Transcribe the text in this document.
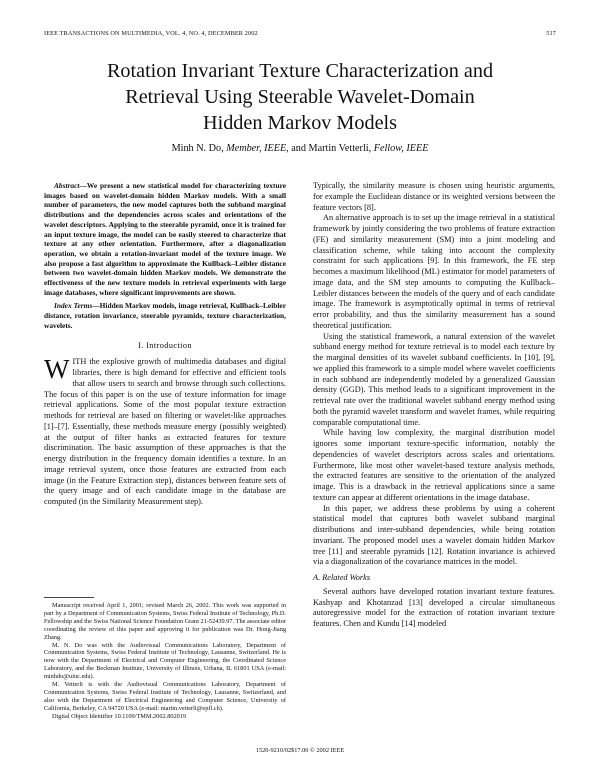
IEEE TRANSACTIONS ON MULTIMEDIA, VOL. 4, NO. 4, DECEMBER 2002	517
Rotation Invariant Texture Characterization and
Retrieval Using Steerable Wavelet-Domain
Hidden Markov Models
Minh N. Do, Member, IEEE, and Martin Vetterli, Fellow, IEEE

Abstract—We present a new statistical model for characterizing texture images based on wavelet-domain hidden Markov models. With a small number of parameters, the new model captures both the subband marginal distributions and the dependencies across scales and orientations of the wavelet descriptors. Applying to the steerable pyramid, once it is trained for an input texture image, the model can be easily steered to characterize that texture at any other orientation. Furthermore, after a diagonalization operation, we obtain a rotation-invariant model of the texture image. We also propose a fast algorithm to approximate the Kullback–Leibler distance between two wavelet-domain hidden Markov models. We demonstrate the effectiveness of the new texture models in retrieval experiments with large image databases, where significant improvements are shown.

Index Terms—Hidden Markov models, image retrieval, Kullback–Leibler distance, rotation invariance, steerable pyramids, texture characterization, wavelets.

I. Introduction

WITH the explosive growth of multimedia databases and digital libraries, there is high demand for effective and efficient tools that allow users to search and browse through such collections. The focus of this paper is on the use of texture information for image retrieval applications. Some of the most popular texture extraction methods for retrieval are based on filtering or wavelet-like approaches [1]–[7]. Essentially, these methods measure energy (possibly weighted) at the output of filter banks as extracted features for texture discrimination. The basic assumption of these approaches is that the energy distribution in the frequency domain identifies a texture. In an image retrieval system, once those features are extracted from each image (in the Feature Extraction step), distances between feature sets of the query image and of each candidate image in the database are computed (in the Similarity Measurement step).

Manuscript received April 1, 2001; revised March 26, 2002. This work was supported in part by a Department of Communication Systems, Swiss Federal Institute of Technology, Ph.D. Fellowship and the Swiss National Science Foundation Grant 21-52439.97. The associate editor coordinating the review of this paper and approving it for publication was Dr. Hong-Jiang Zhang.

M. N. Do was with the Audiovisual Communications Laboratory, Department of Communication Systems, Swiss Federal Institute of Technology, Lausanne, Switzerland. He is now with the Department of Electrical and Computer Engineering, the Coordinated Science Laboratory, and the Beckman Institute, University of Illinois, Urbana, IL 61801 USA (e-mail: minhdo@uiuc.edu).

M. Vetterli is with the Audiovisual Communications Laboratory, Department of Communication Systems, Swiss Federal Institute of Technology, Lausanne, Switzerland, and also with the Department of Electrical Engineering and Computer Science, University of California, Berkeley, CA 94720 USA (e-mail: martin.vetterli@epfl.ch).

Digital Object Identifier 10.1109/TMM.2002.802019

Typically, the similarity measure is chosen using heuristic arguments, for example the Euclidean distance or its weighted versions between the feature vectors [8].

An alternative approach is to set up the image retrieval in a statistical framework by jointly considering the two problems of feature extraction (FE) and similarity measurement (SM) into a joint modeling and classification scheme, while taking into account the complexity constraint for such applications [9]. In this framework, the FE step becomes a maximum likelihood (ML) estimator for model parameters of image data, and the SM step amounts to computing the Kullback–Leibler distances between the models of the query and of each candidate image. The framework is asymptotically optimal in terms of retrieval error probability, and thus the similarity measurement has a sound theoretical justification.

Using the statistical framework, a natural extension of the wavelet subband energy method for texture retrieval is to model each texture by the marginal densities of its wavelet subband coefficients. In [10], [9], we applied this framework to a simple model where wavelet coefficients in each subband are independently modeled by a generalized Gaussian density (GGD). This method leads to a significant improvement in the retrieval rate over the traditional wavelet subband energy method using both the pyramid wavelet transform and wavelet frames, while requiring comparable computational time.

While having low complexity, the marginal distribution model ignores some important texture-specific information, notably the dependencies of wavelet descriptors across scales and orientations. Furthermore, like most other wavelet-based texture analysis methods, the extracted features are sensitive to the orientation of the analyzed image. This is a drawback in the retrieval applications since a same texture can appear at different orientations in the image database.

In this paper, we address these problems by using a coherent statistical model that captures both wavelet subband marginal distributions and inter-subband dependencies, while being rotation invariant. The proposed model uses a wavelet domain hidden Markov tree [11] and steerable pyramids [12]. Rotation invariance is achieved via a diagonalization of the covariance matrices in the model.

A. Related Works

Several authors have developed rotation invariant texture features. Kashyap and Khotanzad [13] developed a circular simultaneous autoregressive model for the extraction of rotation invariant texture features. Chen and Kundu [14] modeled

1520-9210/02$17.00 © 2002 IEEE
